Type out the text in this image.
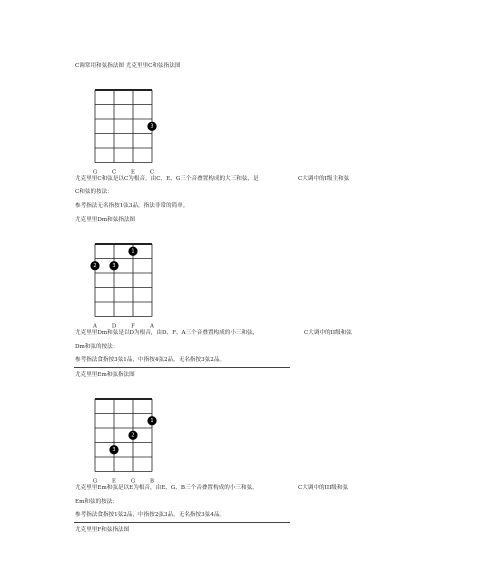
C调常用和弦指法图 尤克里里C和弦指法图
3
G	C	E	C
尤克里里C和弦是以C为根音，由C、E、G三个音叠置构成的大三和弦，是	C大调中的I级主和弦
C和弦的按法：
参考指法无名指按1弦3品，指法非常的简单。
尤克里里Dm和弦指法图
1
2	3
A	D	F	A
尤克里里Dm和弦是以D为根音，由D、F、A三个音叠置构成的小三和弦，	C大调中的II级和弦
Dm和弦的按法：
参考指法食指按3弦1品，中指按4弦2品，无名指按3弦2品。
尤克里里Em和弦指法图
1
2
3
G	E	G	B
尤克里里Em和弦是以E为根音，由E、G、B三个音叠置构成的小三和弦，	C大调中的III级和弦
Em和弦的按法：
参考指法食指按1弦2品，中指按2弦3品，无名指按3弦4品。
尤克里里F和弦指法图
